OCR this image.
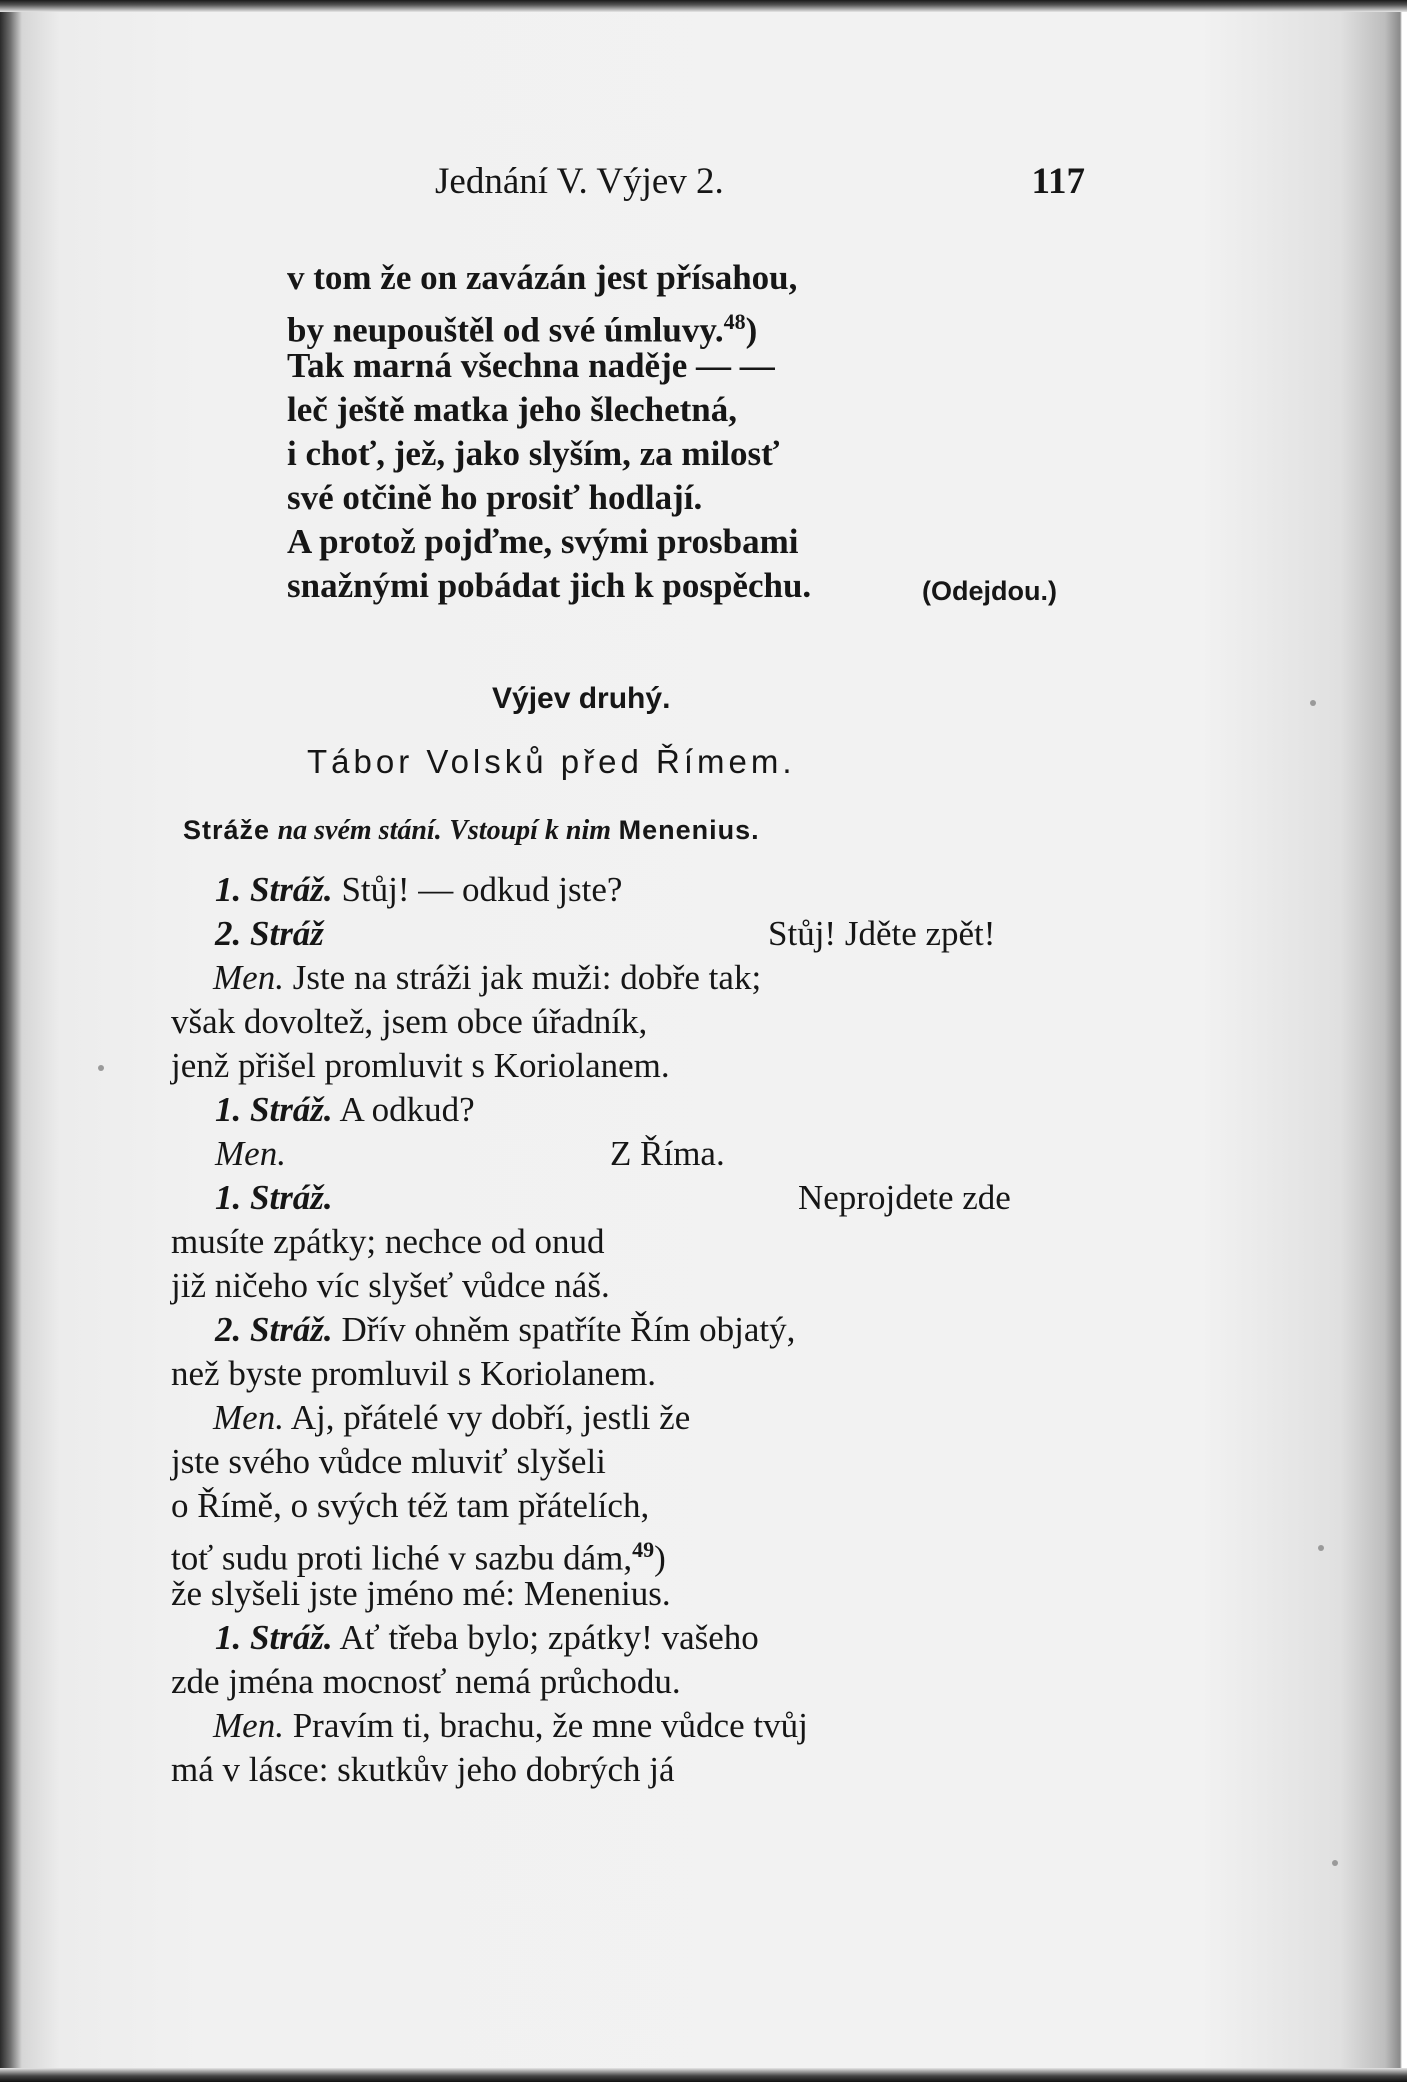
Jednání V. Výjev 2.	117
v tom že on zavázán jest přísahou,
by neupouštěl od své úmluvy.$^{48}$)
Tak marná všechna naděje — —
leč ještě matka jeho šlechetná,
i choť, jež, jako slyším, za milosť
své otčině ho prosiť hodlají.
A protož pojďme, svými prosbami
snažnými pobádat jich k pospěchu.	(Odejdou.)
Výjev druhý.
Tábor Volsků před Římem.
Stráže na svém stání. Vstoupí k nim Menenius.
1. Stráž. Stůj! — odkud jste?
2. Stráž	Stůj! Jděte zpět!
Men. Jste na stráži jak muži: dobře tak;
však dovoltež, jsem obce úřadník,
jenž přišel promluvit s Koriolanem.
1. Stráž. A odkud?
Men.	Z Říma.
1. Stráž.	Neprojdete zde
musíte zpátky; nechce od onud
již ničeho víc slyšeť vůdce náš.
2. Stráž. Dřív ohněm spatříte Řím objatý,
než byste promluvil s Koriolanem.
Men. Aj, přátelé vy dobří, jestli že
jste svého vůdce mluviť slyšeli
o Římě, o svých též tam přátelích,
toť sudu proti liché v sazbu dám,$^{49}$)
že slyšeli jste jméno mé: Menenius.
1. Stráž. Ať třeba bylo; zpátky! vašeho
zde jména mocnosť nemá průchodu.
Men. Pravím ti, brachu, že mne vůdce tvůj
má v lásce: skutkův jeho dobrých já
